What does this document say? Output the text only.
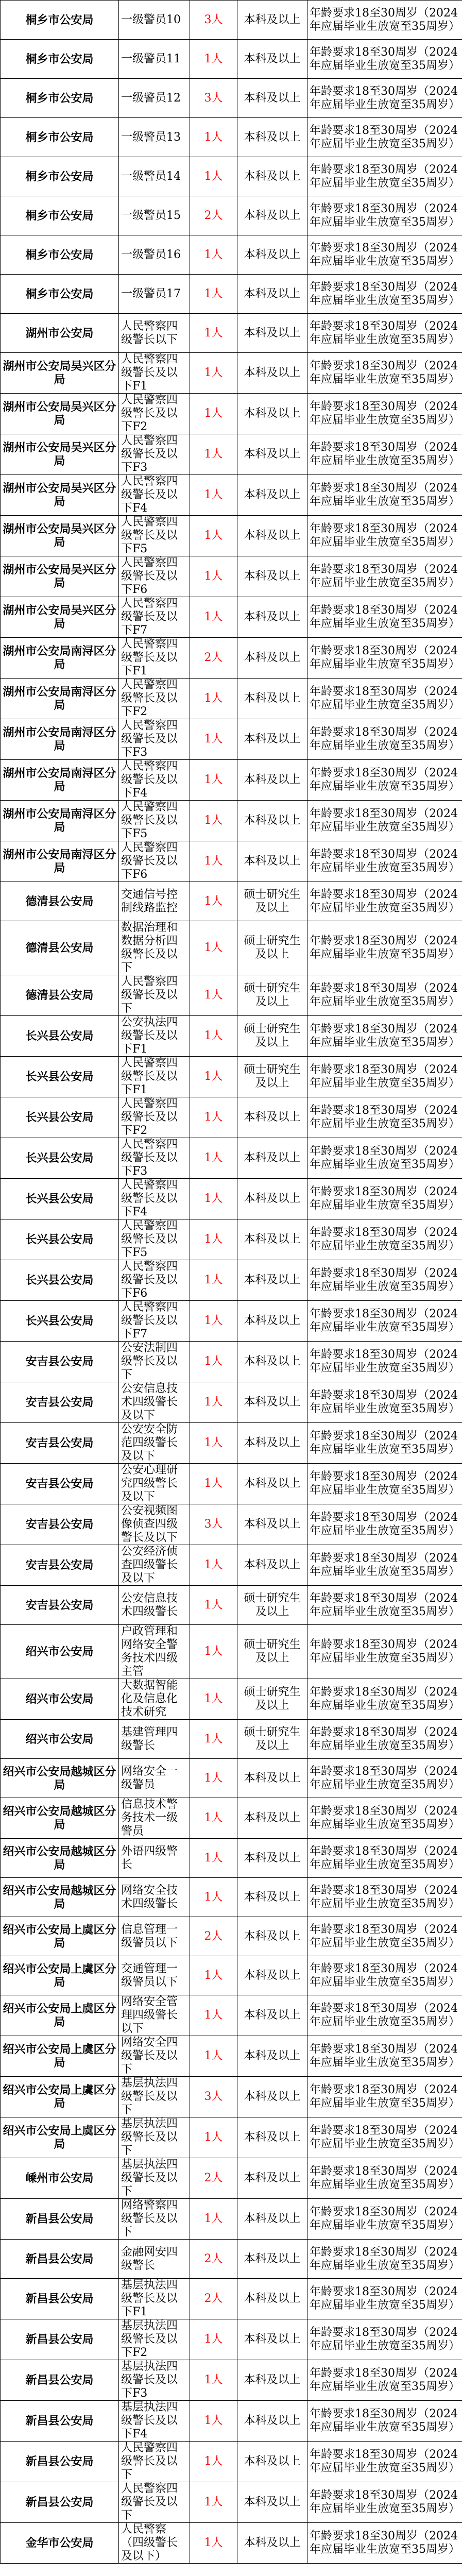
桐乡市公安局	一级警员10	3人	本科及以上	年龄要求18至30周岁（2024年应届毕业生放宽至35周岁）
桐乡市公安局	一级警员11	1人	本科及以上	年龄要求18至30周岁（2024年应届毕业生放宽至35周岁）
桐乡市公安局	一级警员12	3人	本科及以上	年龄要求18至30周岁（2024年应届毕业生放宽至35周岁）
桐乡市公安局	一级警员13	1人	本科及以上	年龄要求18至30周岁（2024年应届毕业生放宽至35周岁）
桐乡市公安局	一级警员14	1人	本科及以上	年龄要求18至30周岁（2024年应届毕业生放宽至35周岁）
桐乡市公安局	一级警员15	2人	本科及以上	年龄要求18至30周岁（2024年应届毕业生放宽至35周岁）
桐乡市公安局	一级警员16	1人	本科及以上	年龄要求18至30周岁（2024年应届毕业生放宽至35周岁）
桐乡市公安局	一级警员17	1人	本科及以上	年龄要求18至30周岁（2024年应届毕业生放宽至35周岁）
湖州市公安局	人民警察四级警长以下	1人	本科及以上	年龄要求18至30周岁（2024年应届毕业生放宽至35周岁）
湖州市公安局吴兴区分局	人民警察四级警长及以下F1	1人	本科及以上	年龄要求18至30周岁（2024年应届毕业生放宽至35周岁）
湖州市公安局吴兴区分局	人民警察四级警长及以下F2	1人	本科及以上	年龄要求18至30周岁（2024年应届毕业生放宽至35周岁）
湖州市公安局吴兴区分局	人民警察四级警长及以下F3	1人	本科及以上	年龄要求18至30周岁（2024年应届毕业生放宽至35周岁）
湖州市公安局吴兴区分局	人民警察四级警长及以下F4	1人	本科及以上	年龄要求18至30周岁（2024年应届毕业生放宽至35周岁）
湖州市公安局吴兴区分局	人民警察四级警长及以下F5	1人	本科及以上	年龄要求18至30周岁（2024年应届毕业生放宽至35周岁）
湖州市公安局吴兴区分局	人民警察四级警长及以下F6	1人	本科及以上	年龄要求18至30周岁（2024年应届毕业生放宽至35周岁）
湖州市公安局吴兴区分局	人民警察四级警长及以下F7	1人	本科及以上	年龄要求18至30周岁（2024年应届毕业生放宽至35周岁）
湖州市公安局南浔区分局	人民警察四级警长及以下F1	2人	本科及以上	年龄要求18至30周岁（2024年应届毕业生放宽至35周岁）
湖州市公安局南浔区分局	人民警察四级警长及以下F2	1人	本科及以上	年龄要求18至30周岁（2024年应届毕业生放宽至35周岁）
湖州市公安局南浔区分局	人民警察四级警长及以下F3	1人	本科及以上	年龄要求18至30周岁（2024年应届毕业生放宽至35周岁）
湖州市公安局南浔区分局	人民警察四级警长及以下F4	1人	本科及以上	年龄要求18至30周岁（2024年应届毕业生放宽至35周岁）
湖州市公安局南浔区分局	人民警察四级警长及以下F5	1人	本科及以上	年龄要求18至30周岁（2024年应届毕业生放宽至35周岁）
湖州市公安局南浔区分局	人民警察四级警长及以下F6	1人	本科及以上	年龄要求18至30周岁（2024年应届毕业生放宽至35周岁）
德清县公安局	交通信号控制线路监控	1人	硕士研究生及以上	年龄要求18至30周岁（2024年应届毕业生放宽至35周岁）
德清县公安局	数据治理和数据分析四级警长及以下	1人	硕士研究生及以上	年龄要求18至30周岁（2024年应届毕业生放宽至35周岁）
德清县公安局	人民警察四级警长及以下	1人	硕士研究生及以上	年龄要求18至30周岁（2024年应届毕业生放宽至35周岁）
长兴县公安局	公安执法四级警长及以下F1	1人	硕士研究生及以上	年龄要求18至30周岁（2024年应届毕业生放宽至35周岁）
长兴县公安局	人民警察四级警长及以下F1	1人	硕士研究生及以上	年龄要求18至30周岁（2024年应届毕业生放宽至35周岁）
长兴县公安局	人民警察四级警长及以下F2	1人	本科及以上	年龄要求18至30周岁（2024年应届毕业生放宽至35周岁）
长兴县公安局	人民警察四级警长及以下F3	1人	本科及以上	年龄要求18至30周岁（2024年应届毕业生放宽至35周岁）
长兴县公安局	人民警察四级警长及以下F4	1人	本科及以上	年龄要求18至30周岁（2024年应届毕业生放宽至35周岁）
长兴县公安局	人民警察四级警长及以下F5	1人	本科及以上	年龄要求18至30周岁（2024年应届毕业生放宽至35周岁）
长兴县公安局	人民警察四级警长及以下F6	1人	本科及以上	年龄要求18至30周岁（2024年应届毕业生放宽至35周岁）
长兴县公安局	人民警察四级警长及以下F7	1人	本科及以上	年龄要求18至30周岁（2024年应届毕业生放宽至35周岁）
安吉县公安局	公安法制四级警长及以下	1人	本科及以上	年龄要求18至30周岁（2024年应届毕业生放宽至35周岁）
安吉县公安局	公安信息技术四级警长及以下	1人	本科及以上	年龄要求18至30周岁（2024年应届毕业生放宽至35周岁）
安吉县公安局	公安安全防范四级警长及以下	1人	本科及以上	年龄要求18至30周岁（2024年应届毕业生放宽至35周岁）
安吉县公安局	公安心理研究四级警长及以下	1人	本科及以上	年龄要求18至30周岁（2024年应届毕业生放宽至35周岁）
安吉县公安局	公安视频图像侦查四级警长及以下	3人	本科及以上	年龄要求18至30周岁（2024年应届毕业生放宽至35周岁）
安吉县公安局	公安经济侦查四级警长及以下	1人	本科及以上	年龄要求18至30周岁（2024年应届毕业生放宽至35周岁）
安吉县公安局	公安信息技术四级警长	1人	硕士研究生及以上	年龄要求18至30周岁（2024年应届毕业生放宽至35周岁）
绍兴市公安局	户政管理和网络安全警务技术四级主管	1人	硕士研究生及以上	年龄要求18至30周岁（2024年应届毕业生放宽至35周岁）
绍兴市公安局	大数据智能化及信息化技术研究	1人	硕士研究生及以上	年龄要求18至30周岁（2024年应届毕业生放宽至35周岁）
绍兴市公安局	基建管理四级警长	1人	硕士研究生及以上	年龄要求18至30周岁（2024年应届毕业生放宽至35周岁）
绍兴市公安局越城区分局	网络安全一级警员	1人	本科及以上	年龄要求18至30周岁（2024年应届毕业生放宽至35周岁）
绍兴市公安局越城区分局	信息技术警务技术一级警员	1人	本科及以上	年龄要求18至30周岁（2024年应届毕业生放宽至35周岁）
绍兴市公安局越城区分局	外语四级警长	1人	本科及以上	年龄要求18至30周岁（2024年应届毕业生放宽至35周岁）
绍兴市公安局越城区分局	网络安全技术四级警长	1人	本科及以上	年龄要求18至30周岁（2024年应届毕业生放宽至35周岁）
绍兴市公安局上虞区分局	信息管理一级警员以下	2人	本科及以上	年龄要求18至30周岁（2024年应届毕业生放宽至35周岁）
绍兴市公安局上虞区分局	交通管理一级警员以下	1人	本科及以上	年龄要求18至30周岁（2024年应届毕业生放宽至35周岁）
绍兴市公安局上虞区分局	网络安全管理四级警长以下	1人	本科及以上	年龄要求18至30周岁（2024年应届毕业生放宽至35周岁）
绍兴市公安局上虞区分局	网络安全四级警长及以下	1人	本科及以上	年龄要求18至30周岁（2024年应届毕业生放宽至35周岁）
绍兴市公安局上虞区分局	基层执法四级警长及以下	3人	本科及以上	年龄要求18至30周岁（2024年应届毕业生放宽至35周岁）
绍兴市公安局上虞区分局	基层执法四级警长及以下	1人	本科及以上	年龄要求18至30周岁（2024年应届毕业生放宽至35周岁）
嵊州市公安局	基层执法四级警长及以下	2人	本科及以上	年龄要求18至30周岁（2024年应届毕业生放宽至35周岁）
新昌县公安局	网络警察四级警长及以下	1人	本科及以上	年龄要求18至30周岁（2024年应届毕业生放宽至35周岁）
新昌县公安局	金融网安四级警长	2人	本科及以上	年龄要求18至30周岁（2024年应届毕业生放宽至35周岁）
新昌县公安局	基层执法四级警长及以下F1	2人	本科及以上	年龄要求18至30周岁（2024年应届毕业生放宽至35周岁）
新昌县公安局	基层执法四级警长及以下F2	1人	本科及以上	年龄要求18至30周岁（2024年应届毕业生放宽至35周岁）
新昌县公安局	基层执法四级警长及以下F3	1人	本科及以上	年龄要求18至30周岁（2024年应届毕业生放宽至35周岁）
新昌县公安局	基层执法四级警长及以下F4	1人	本科及以上	年龄要求18至30周岁（2024年应届毕业生放宽至35周岁）
新昌县公安局	人民警察四级警长及以下	1人	本科及以上	年龄要求18至30周岁（2024年应届毕业生放宽至35周岁）
新昌县公安局	人民警察四级警长及以下	1人	本科及以上	年龄要求18至30周岁（2024年应届毕业生放宽至35周岁）
金华市公安局	人民警察（四级警长及以下）	1人	本科及以上	年龄要求18至30周岁（2024年应届毕业生放宽至35周岁）
